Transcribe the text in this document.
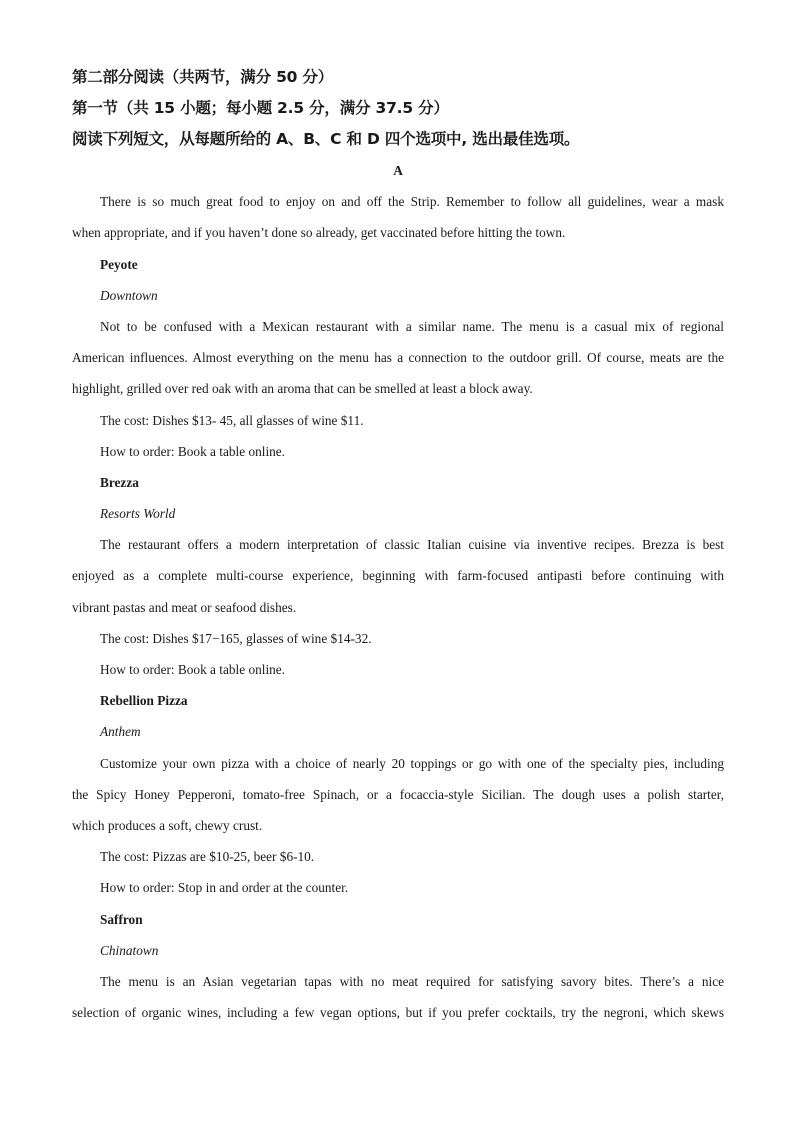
第二部分阅读（共两节，满分 50 分）
第一节（共 15 小题；每小题 2.5 分，满分 37.5 分）
阅读下列短文，从每题所给的 A、B、C 和 D 四个选项中, 选出最佳选项。
A
There is so much great food to enjoy on and off the Strip. Remember to follow all guidelines, wear a mask
when appropriate, and if you haven’t done so already, get vaccinated before hitting the town.
Peyote
Downtown
Not to be confused with a Mexican restaurant with a similar name. The menu is a casual mix of regional
American influences. Almost everything on the menu has a connection to the outdoor grill. Of course, meats are the
highlight, grilled over red oak with an aroma that can be smelled at least a block away.
The cost: Dishes $13- 45, all glasses of wine $11.
How to order: Book a table online.
Brezza
Resorts World
The restaurant offers a modern interpretation of classic Italian cuisine via inventive recipes. Brezza is best
enjoyed as a complete multi-course experience, beginning with farm-focused antipasti before continuing with
vibrant pastas and meat or seafood dishes.
The cost: Dishes $17−165, glasses of wine $14-32.
How to order: Book a table online.
Rebellion Pizza
Anthem
Customize your own pizza with a choice of nearly 20 toppings or go with one of the specialty pies, including
the Spicy Honey Pepperoni, tomato-free Spinach, or a focaccia-style Sicilian. The dough uses a polish starter,
which produces a soft, chewy crust.
The cost: Pizzas are $10-25, beer $6-10.
How to order: Stop in and order at the counter.
Saffron
Chinatown
The menu is an Asian vegetarian tapas with no meat required for satisfying savory bites. There’s a nice
selection of organic wines, including a few vegan options, but if you prefer cocktails, try the negroni, which skews
